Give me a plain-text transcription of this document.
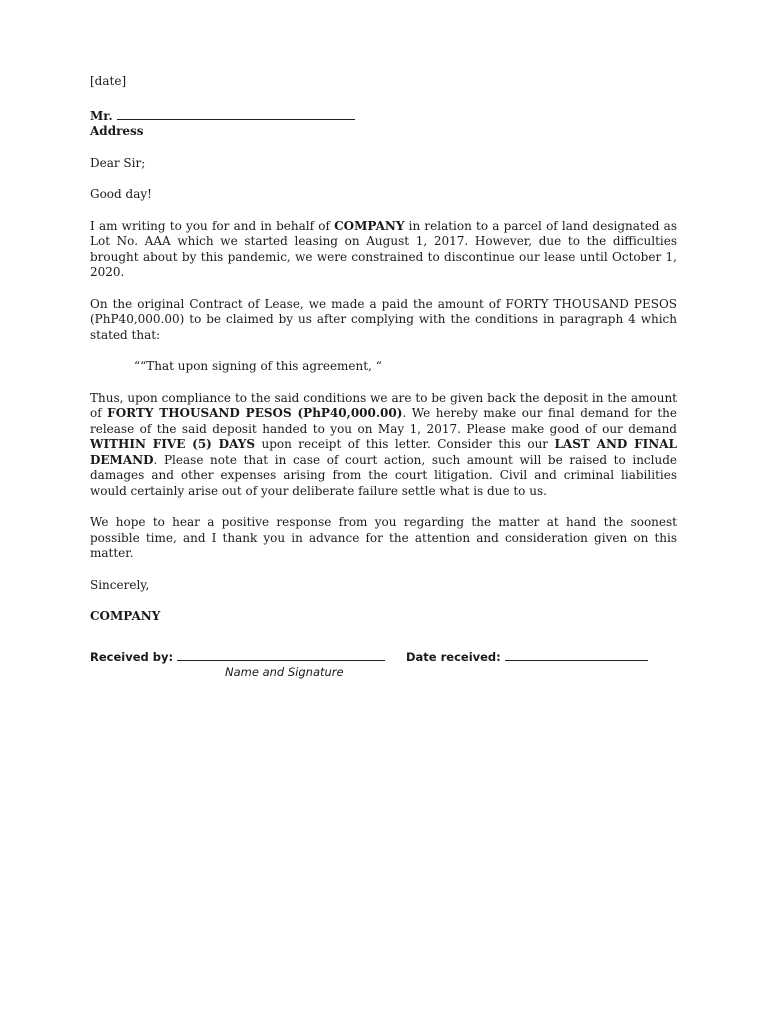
[date]

Mr.

Address

Dear Sir;

Good day!

I am writing to you for and in behalf of COMPANY in relation to a parcel of land designated as Lot No. AAA which we started leasing on August 1, 2017. However, due to the difficulties brought about by this pandemic, we were constrained to discontinue our lease until October 1, 2020.

On the original Contract of Lease, we made a paid the amount of FORTY THOUSAND PESOS (PhP40,000.00) to be claimed by us after complying with the conditions in paragraph 4 which stated that:

““That upon signing of this agreement, “

Thus, upon compliance to the said conditions we are to be given back the deposit in the amount of FORTY THOUSAND PESOS (PhP40,000.00). We hereby make our final demand for the release of the said deposit handed to you on May 1, 2017. Please make good of our demand WITHIN FIVE (5) DAYS upon receipt of this letter. Consider this our LAST AND FINAL DEMAND. Please note that in case of court action, such amount will be raised to include damages and other expenses arising from the court litigation. Civil and criminal liabilities would certainly arise out of your deliberate failure settle what is due to us.

We hope to hear a positive response from you regarding the matter at hand the soonest possible time, and I thank you in advance for the attention and consideration given on this matter.

Sincerely,

COMPANY

Received by:	Date received:
Name and Signature
